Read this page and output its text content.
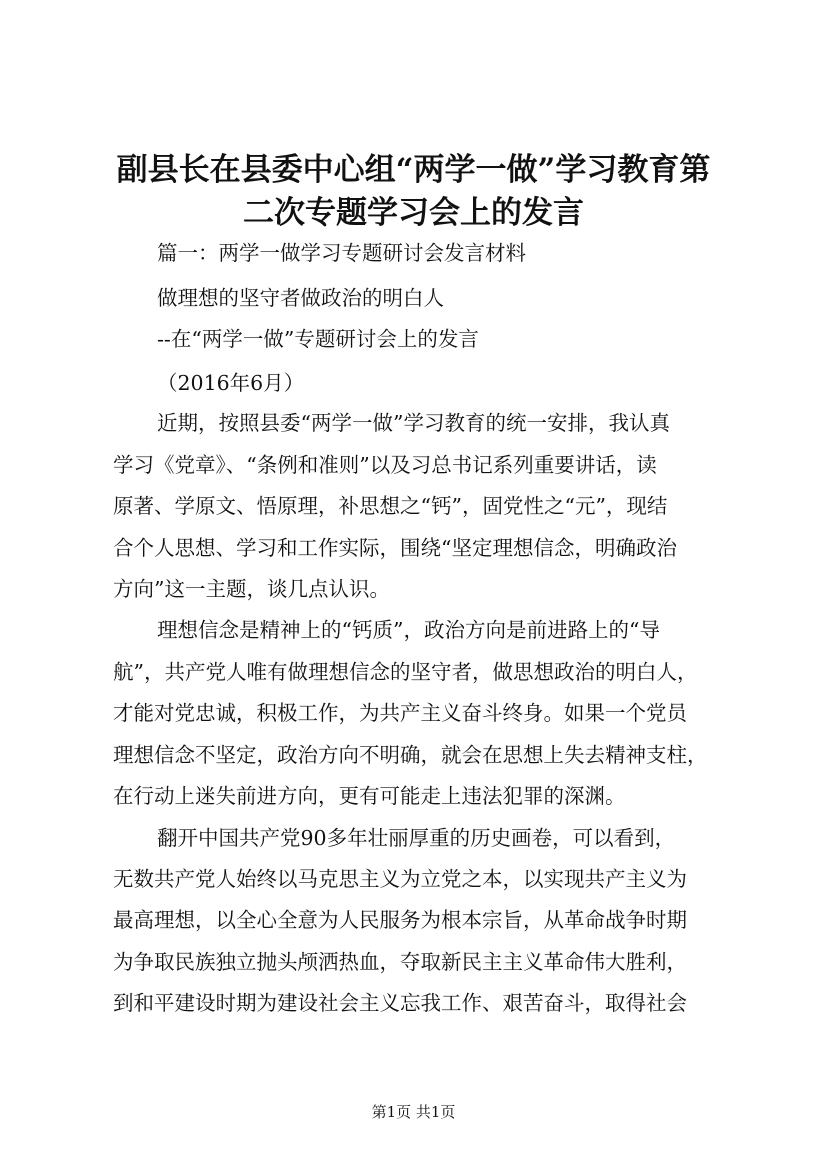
副县长在县委中心组“两学一做”学习教育第
二次专题学习会上的发言

篇一：两学一做学习专题研讨会发言材料

做理想的坚守者做政治的明白人

--在“两学一做”专题研讨会上的发言

（2016年6月）

近期，按照县委“两学一做”学习教育的统一安排，我认真

学习《党章》、“条例和准则”以及习总书记系列重要讲话，读

原著、学原文、悟原理，补思想之“钙”，固党性之“元”，现结

合个人思想、学习和工作实际，围绕“坚定理想信念，明确政治

方向”这一主题，谈几点认识。

理想信念是精神上的“钙质”，政治方向是前进路上的“导

航”，共产党人唯有做理想信念的坚守者，做思想政治的明白人，

才能对党忠诚，积极工作，为共产主义奋斗终身。如果一个党员

理想信念不坚定，政治方向不明确，就会在思想上失去精神支柱，

在行动上迷失前进方向，更有可能走上违法犯罪的深渊。

翻开中国共产党90多年壮丽厚重的历史画卷，可以看到，

无数共产党人始终以马克思主义为立党之本，以实现共产主义为

最高理想，以全心全意为人民服务为根本宗旨，从革命战争时期

为争取民族独立抛头颅洒热血，夺取新民主主义革命伟大胜利，

到和平建设时期为建设社会主义忘我工作、艰苦奋斗，取得社会

第1页 共1页
